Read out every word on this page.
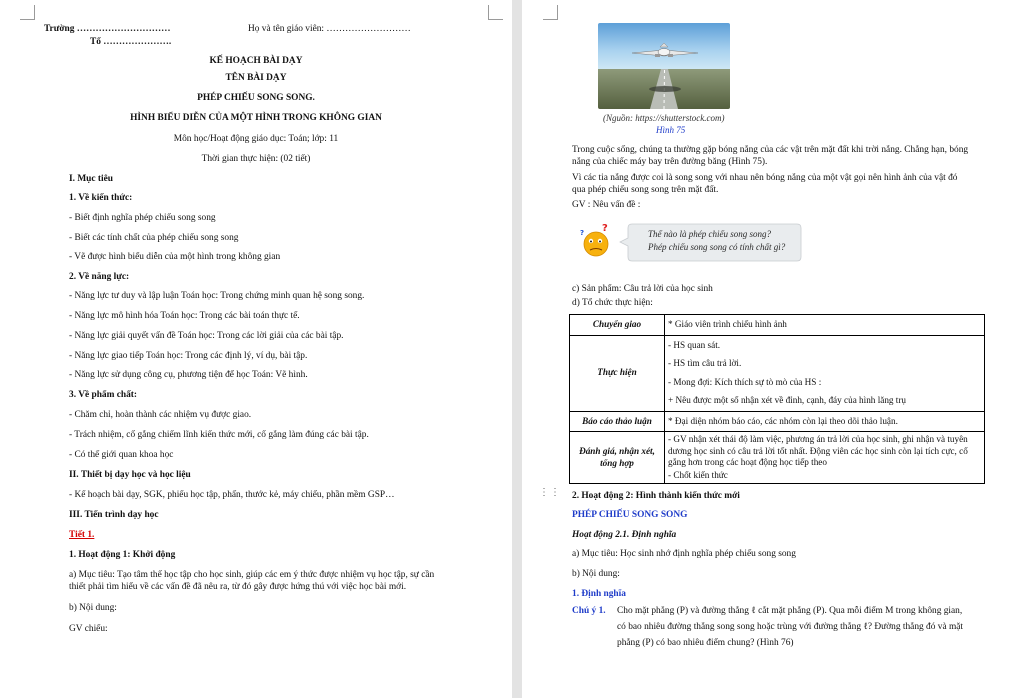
Trường …………………………	Họ và tên giáo viên: ………………………
Tổ ………………….
KẾ HOẠCH BÀI DẠY
TÊN BÀI DẠY
PHÉP CHIẾU SONG SONG.
HÌNH BIỂU DIỄN CỦA MỘT HÌNH TRONG KHÔNG GIAN
Môn học/Hoạt động giáo dục: Toán; lớp: 11
Thời gian thực hiện: (02 tiết)
I. Mục tiêu
1. Về kiến thức:
- Biết định nghĩa phép chiếu song song
- Biết các tính chất của phép chiếu song song
- Vẽ được hình biểu diễn của một hình trong không gian
2. Về năng lực:
- Năng lực tư duy và lập luận Toán học: Trong chứng minh quan hệ song song.
- Năng lực mô hình hóa Toán học: Trong các bài toán thực tế.
- Năng lực giải quyết vấn đề Toán học: Trong các lời giải của các bài tập.
- Năng lực giao tiếp Toán học: Trong các định lý, ví dụ, bài tập.
- Năng lực sử dụng công cụ, phương tiện để học Toán: Vẽ hình.
3. Về phẩm chất:
- Chăm chỉ, hoàn thành các nhiệm vụ được giao.
- Trách nhiệm, cố gắng chiếm lĩnh kiến thức mới, cố gắng làm đúng các bài tập.
- Có thế giới quan khoa học
II. Thiết bị dạy học và học liệu
- Kế hoạch bài dạy, SGK, phiếu học tập, phấn, thước kẻ, máy chiếu, phần mềm GSP…
III. Tiến trình dạy học
Tiết 1.
1. Hoạt động 1: Khởi động
a) Mục tiêu: Tạo tâm thế học tập cho học sinh, giúp các em ý thức được nhiệm vụ học tập, sự cần
thiết phải tìm hiểu về các vấn đề đã nêu ra, từ đó gây được hứng thú với việc học bài mới.
b) Nội dung:
GV chiếu:
(Nguồn: https://shutterstock.com)
Hình 75
Trong cuộc sống, chúng ta thường gặp bóng nắng của các vật trên mặt đất khi trời nắng. Chẳng hạn, bóng
nắng của chiếc máy bay trên đường băng (Hình 75).
Vì các tia nắng được coi là song song với nhau nên bóng nắng của một vật gọi nên hình ảnh của vật đó
qua phép chiếu song song trên mặt đất.
GV : Nêu vấn đề :
?
?	Thế nào là phép chiếu song song?
Phép chiếu song song có tính chất gì?
c) Sản phẩm: Câu trả lời của học sinh
d) Tổ chức thực hiện:
Chuyển giao	* Giáo viên trình chiếu hình ảnh

Thực hiện	- HS quan sát.
- HS tìm câu trả lời.
- Mong đợi: Kích thích sự tò mò của HS :
+ Nêu được một số nhận xét về đỉnh, cạnh, đáy của hình lăng trụ

Báo cáo thảo luận	* Đại diện nhóm báo cáo, các nhóm còn lại theo dõi thảo luận.

Đánh giá, nhận xét, tổng hợp	- GV nhận xét thái độ làm việc, phương án trả lời của học sinh, ghi nhận và tuyên dương học sinh có câu trả lời tốt nhất. Động viên các học sinh còn lại tích cực, cố gắng hơn trong các hoạt động học tiếp theo
- Chốt kiến thức
⋮⋮ 2. Hoạt động 2: Hình thành kiến thức mới
PHÉP CHIẾU SONG SONG
Hoạt động 2.1. Định nghĩa
a) Mục tiêu: Học sinh nhớ định nghĩa phép chiếu song song
b) Nội dung:
1. Định nghĩa
Chú ý 1. Cho mặt phẳng (P) và đường thẳng ℓ cắt mặt phẳng (P). Qua mỗi điểm M trong không gian,
có bao nhiêu đường thẳng song song hoặc trùng với đường thẳng ℓ? Đường thẳng đó và mặt
phẳng (P) có bao nhiêu điểm chung? (Hình 76)
